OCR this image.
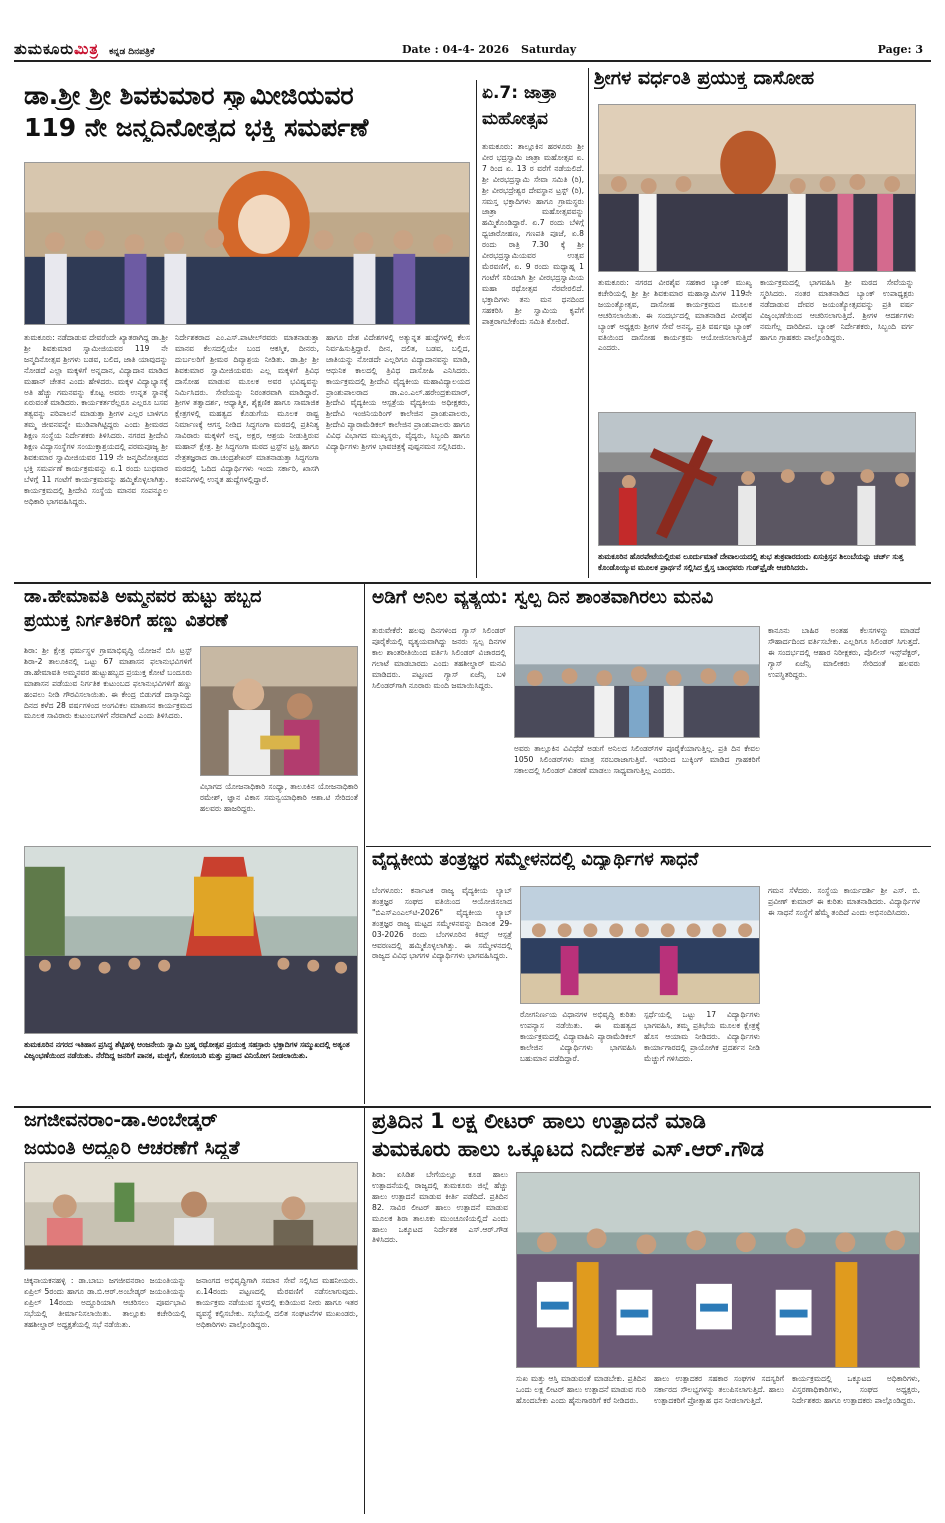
ತುಮಕೂರುಮಿತ್ರ ಕನ್ನಡ ದಿನಪತ್ರಿಕೆ	Date : 04-4- 2026 Saturday	Page: 3
ಡಾ.ಶ್ರೀ ಶ್ರೀ ಶಿವಕುಮಾರ ಸ್ವಾಮೀಜಿಯವರ
119 ನೇ ಜನ್ಮದಿನೋತ್ಸದ ಭಕ್ತಿ ಸಮರ್ಪಣೆ
ತುಮಕೂರು: ನಡೆದಾಡುವ ದೇವರೆಂದೇ ಖ್ಯಾತರಾಗಿದ್ದ ಡಾ.ಶ್ರೀ ಶ್ರೀ ಶಿವಕುಮಾರ ಸ್ವಾಮೀಜಿಯವರ 119 ನೇ ಜನ್ಮದಿನೋತ್ಸವ ಶ್ರೀಗಳು ಬಡವ, ಬಲಿದ, ಜಾತಿ ಯಾವುದನ್ನು ನೋಡದೆ ಎಲ್ಲಾ ಮಕ್ಕಳಿಗೆ ಅನ್ನದಾನ, ವಿದ್ಯಾದಾನ ಮಾಡಿದ ಮಹಾನ್ ಚೇತನ ಎಂದು ಹೇಳಿದರು. ಮಕ್ಕಳ ವಿದ್ಯಾಭ್ಯಾಸಕ್ಕೆ ಅತಿ ಹೆಚ್ಚು ಗಮನವನ್ನು ಕೊಟ್ಟ ಅವರು ಉನ್ನತ ಸ್ಥಾನಕ್ಕೆ ಏರುವಂತೆ ಮಾಡಿದರು. ಕಾರ್ಯಕರ್ತರೆಲ್ಲರೂ ಎಲ್ಲರೂ ಬಸವ ತತ್ವವನ್ನು ಪರಿಪಾಲನೆ ಮಾಡುತ್ತಾ ಶ್ರೀಗಳ ಎಲ್ಲರ ಬಾಳಿಗೂ ತಮ್ಮ ಜೀವನವನ್ನೇ ಮುಡಿಪಾಗಿಟ್ಟಿದ್ದರು ಎಂದು ಶ್ರೀಮಠದ ಶಿಕ್ಷಣ ಸಂಸ್ಥೆಯ ನಿರ್ದೇಶಕರು ತಿಳಿಸಿದರು. ನಗರದ ಶ್ರೀದೇವಿ ಶಿಕ್ಷಣ ವಿದ್ಯಾಸಂಸ್ಥೆಗಳ ಸಂಯುಕ್ತಾಶ್ರಯದಲ್ಲಿ ಪರಮಪೂಜ್ಯ ಶ್ರೀ ಶಿವಕುಮಾರ ಸ್ವಾಮೀಜಿಯವರ 119 ನೇ ಜನ್ಮದಿನೋತ್ಸವದ ಭಕ್ತಿ ಸಮರ್ಪಣೆ ಕಾರ್ಯಕ್ರಮವನ್ನು ಏ.1 ರಂದು ಬುಧವಾರ ಬೆಳಗ್ಗೆ 11 ಗಂಟೆಗೆ ಕಾರ್ಯಕ್ರಮವನ್ನು ಹಮ್ಮಿಕೊಳ್ಳಲಾಗಿತ್ತು. ಕಾರ್ಯಕ್ರಮದಲ್ಲಿ ಶ್ರೀದೇವಿ ಸಂಸ್ಥೆಯ ಮಾನವ ಸಂಪನ್ಮೂಲ ಅಧಿಕಾರಿ ಭಾಗವಹಿಸಿದ್ದರು.
ನಿರ್ದೇಶಕರಾದ ಎಂ.ಎಸ್.ಪಾಟೀಲ್‌ರವರು ಮಾತನಾಡುತ್ತಾ ಮಾನವ ಕೆಲಸದಲ್ಲಿಯೇ ಬಂದ ಆಕಸ್ಮಿಕ, ದೀನರು, ದುರ್ಬಲರಿಗೆ ಶ್ರೀಮಠ ದಿವ್ಯಾಶ್ರಯ ನೀಡಿತು. ಡಾ.ಶ್ರೀ ಶ್ರೀ ಶಿವಕುಮಾರ ಸ್ವಾಮೀಜಿಯವರು ಎಲ್ಲ ಮಕ್ಕಳಿಗೆ ತ್ರಿವಿಧ ದಾಸೋಹ ಮಾಡುವ ಮೂಲಕ ಅವರ ಭವಿಷ್ಯವನ್ನು ನಿರ್ಮಿಸಿದರು. ಸೇವೆಯನ್ನು ನಿರಂತರವಾಗಿ ಮಾಡಿದ್ದಾರೆ. ಶ್ರೀಗಳ ತತ್ವಾದರ್ಶ, ಆಧ್ಯಾತ್ಮಿಕ, ಶೈಕ್ಷಣಿಕ ಹಾಗೂ ಸಾಮಾಜಿಕ ಕ್ಷೇತ್ರಗಳಲ್ಲಿ ಮಹತ್ವದ ಕೊಡುಗೆಯ ಮೂಲಕ ರಾಷ್ಟ್ರ ನಿರ್ಮಾಣಕ್ಕೆ ಆಗಸ್ತ ನೀಡಿದ ಸಿದ್ಧಗಂಗಾ ಮಠದಲ್ಲಿ ಪ್ರತಿನಿತ್ಯ ಸಾವಿರಾರು ಮಕ್ಕಳಿಗೆ ಅನ್ನ, ಅಕ್ಷರ, ಆಶ್ರಯ ನೀಡುತ್ತಿರುವ ಮಹಾನ್ ಕ್ಷೇತ್ರ. ಶ್ರೀ ಸಿದ್ಧಗಂಗಾ ಮಠದ ಟ್ರಸ್ಟ್‌ನ ಟ್ರಸ್ಟಿ ಹಾಗೂ ನೇತ್ರತಜ್ಞರಾದ ಡಾ.ಚಂದ್ರಶೇಖರ್ ಮಾತನಾಡುತ್ತಾ ಸಿದ್ಧಗಂಗಾ ಮಠದಲ್ಲಿ ಓದಿದ ವಿದ್ಯಾರ್ಥಿಗಳು ಇಂದು ಸರ್ಕಾರಿ, ಖಾಸಗಿ ಕಂಪನಿಗಳಲ್ಲಿ ಉನ್ನತ ಹುದ್ದೆಗಳಲ್ಲಿದ್ದಾರೆ.
ಹಾಗೂ ದೇಶ ವಿದೇಶಗಳಲ್ಲಿ ಅತ್ಯುನ್ನತ ಹುದ್ದೆಗಳಲ್ಲಿ ಕೆಲಸ ನಿರ್ವಹಿಸುತ್ತಿದ್ದಾರೆ. ದೀನ, ದಲಿತ, ಬಡವ, ಬಲ್ಲಿದ, ಜಾತಿಯನ್ನು ನೋಡದೇ ಎಲ್ಲರಿಗೂ ವಿದ್ಯಾದಾನವನ್ನು ಮಾಡಿ, ಆಧುನಿಕ ಕಾಲದಲ್ಲಿ ತ್ರಿವಿಧ ದಾಸೋಹಿ ಎನಿಸಿದರು. ಕಾರ್ಯಕ್ರಮದಲ್ಲಿ ಶ್ರೀದೇವಿ ವೈದ್ಯಕೀಯ ಮಹಾವಿದ್ಯಾಲಯದ ಪ್ರಾಂಶುಪಾಲರಾದ ಡಾ.ಎಂ.ಎಲ್.ಹರೇಂದ್ರಕುಮಾರ್, ಶ್ರೀದೇವಿ ವೈದ್ಯಕೀಯ ಆಸ್ಪತ್ರೆಯ ವೈದ್ಯಕೀಯ ಅಧೀಕ್ಷಕರು, ಶ್ರೀದೇವಿ ಇಂಜಿನಿಯರಿಂಗ್ ಕಾಲೇಜಿನ ಪ್ರಾಂಶುಪಾಲರು, ಶ್ರೀದೇವಿ ಪ್ಯಾರಾಮೆಡಿಕಲ್ ಕಾಲೇಜಿನ ಪ್ರಾಂಶುಪಾಲರು ಹಾಗೂ ವಿವಿಧ ವಿಭಾಗದ ಮುಖ್ಯಸ್ಥರು, ವೈದ್ಯರು, ಸಿಬ್ಬಂದಿ ಹಾಗೂ ವಿದ್ಯಾರ್ಥಿಗಳು ಶ್ರೀಗಳ ಭಾವಚಿತ್ರಕ್ಕೆ ಪುಷ್ಪನಮನ ಸಲ್ಲಿಸಿದರು.
ಏ.7: ಜಾತ್ರಾ
ಮಹೋತ್ಸವ
ತುಮಕೂರು: ತಾಲ್ಲೂಕಿನ ಹರಳೂರು ಶ್ರೀ ವೀರ ಭದ್ರಸ್ವಾಮಿ ಜಾತ್ರಾ ಮಹೋತ್ಸವ ಏ. 7 ರಿಂದ ಏ. 13 ರ ವರೆಗೆ ನಡೆಯಲಿದೆ. ಶ್ರೀ ವೀರಭದ್ರಸ್ವಾಮಿ ಸೇವಾ ಸಮಿತಿ (ರಿ), ಶ್ರೀ ವೀರಭದ್ರೇಶ್ವರ ದೇವಸ್ಥಾನ ಟ್ರಸ್ಟ್ (ರಿ), ಸಮಸ್ತ ಭಕ್ತಾದಿಗಳು ಹಾಗೂ ಗ್ರಾಮಸ್ಥರು ಜಾತ್ರಾ ಮಹೋತ್ಸವವನ್ನು ಹಮ್ಮಿಕೊಂಡಿದ್ದಾರೆ. ಏ.7 ರಂದು ಬೆಳಿಗ್ಗೆ ಧ್ವಜಾರೋಹಣ, ಗಣಪತಿ ಪೂಜೆ, ಏ.8 ರಂದು ರಾತ್ರಿ 7.30 ಕ್ಕೆ ಶ್ರೀ ವೀರಭದ್ರಸ್ವಾಮಿಯವರ ಉತ್ಸವ ಮೆರವಣಿಗೆ, ಏ. 9 ರಂದು ಮಧ್ಯಾಹ್ನ 1 ಗಂಟೆಗೆ ಸರಿಯಾಗಿ ಶ್ರೀ ವೀರಭದ್ರಸ್ವಾಮಿಯ ಮಹಾ ರಥೋತ್ಸವ ನೆರವೇರಲಿದೆ. ಭಕ್ತಾದಿಗಳು ತನು ಮನ ಧನದಿಂದ ಸಹಕರಿಸಿ ಶ್ರೀ ಸ್ವಾಮಿಯ ಕೃಪೆಗೆ ಪಾತ್ರರಾಗಬೇಕೆಂದು ಸಮಿತಿ ಕೋರಿದೆ.
ಶ್ರೀಗಳ ವರ್ಧಂತಿ ಪ್ರಯುಕ್ತ ದಾಸೋಹ
ತುಮಕೂರು: ನಗರದ ವೀರಶೈವ ಸಹಕಾರ ಬ್ಯಾಂಕ್ ಮುಖ್ಯ ಕಚೇರಿಯಲ್ಲಿ ಶ್ರೀ ಶ್ರೀ ಶಿವಕುಮಾರ ಮಹಾಸ್ವಾಮಿಗಳ 119ನೇ ಜಯಂತ್ಯೋತ್ಸವ, ದಾಸೋಹ ಕಾರ್ಯಕ್ರಮದ ಮೂಲಕ ಆಚರಿಸಲಾಯಿತು. ಈ ಸಂದರ್ಭದಲ್ಲಿ ಮಾತನಾಡಿದ ವೀರಶೈವ ಬ್ಯಾಂಕ್ ಅಧ್ಯಕ್ಷರು ಶ್ರೀಗಳ ಸೇವೆ ಅನನ್ಯ, ಪ್ರತಿ ವರ್ಷವೂ ಬ್ಯಾಂಕ್ ವತಿಯಿಂದ ದಾಸೋಹ ಕಾರ್ಯಕ್ರಮ ಆಯೋಜಿಸಲಾಗುತ್ತಿದೆ ಎಂದರು.
ಕಾರ್ಯಕ್ರಮದಲ್ಲಿ ಭಾಗವಹಿಸಿ ಶ್ರೀ ಮಠದ ಸೇವೆಯನ್ನು ಸ್ಮರಿಸಿದರು. ನಂತರ ಮಾತನಾಡಿದ ಬ್ಯಾಂಕ್ ಉಪಾಧ್ಯಕ್ಷರು ನಡೆದಾಡುವ ದೇವರ ಜಯಂತ್ಯೋತ್ಸವವನ್ನು ಪ್ರತಿ ವರ್ಷ ವಿಜೃಂಭಣೆಯಿಂದ ಆಚರಿಸಲಾಗುತ್ತಿದೆ. ಶ್ರೀಗಳ ಆದರ್ಶಗಳು ನಮಗೆಲ್ಲ ದಾರಿದೀಪ. ಬ್ಯಾಂಕ್ ನಿರ್ದೇಶಕರು, ಸಿಬ್ಬಂದಿ ವರ್ಗ ಹಾಗೂ ಗ್ರಾಹಕರು ಪಾಲ್ಗೊಂಡಿದ್ದರು.
ತುಮಕೂರಿನ ಹೊರಪೇಟೆಯಲ್ಲಿರುವ ಲೂರ್ದುಮಾತೆ ದೇವಾಲಯದಲ್ಲಿ ಶುಭ ಶುಕ್ರವಾರದಂದು ಏಸುಕ್ರಿಸ್ತನ ಶಿಲುಬೆಯನ್ನು ಚರ್ಚ್ ಸುತ್ತ ಕೊಂಡೊಯ್ಯುವ ಮೂಲಕ ಪ್ರಾರ್ಥನೆ ಸಲ್ಲಿಸಿದ ಕ್ರೈಸ್ತ ಬಾಂಧವರು ಗುಡ್‌ಫ್ರೈಡೇ ಆಚರಿಸಿದರು.
ಡಾ.ಹೇಮಾವತಿ ಅಮ್ಮನವರ ಹುಟ್ಟು ಹಬ್ಬದ
ಪ್ರಯುಕ್ತ ನಿರ್ಗತಿಕರಿಗೆ ಹಣ್ಣು ವಿತರಣೆ
ಶಿರಾ: ಶ್ರೀ ಕ್ಷೇತ್ರ ಧರ್ಮಸ್ಥಳ ಗ್ರಾಮಾಭಿವೃದ್ಧಿ ಯೋಜನೆ ಬಿಸಿ ಟ್ರಸ್ಟ್ ಶಿರಾ-2 ತಾಲೂಕಿನಲ್ಲಿ ಒಟ್ಟು 67 ಮಾಶಾಸನ ಫಲಾನುಭವಿಗಳಿಗೆ ಡಾ.ಹೇಮಾವತಿ ಅಮ್ಮನವರ ಹುಟ್ಟುಹಬ್ಬದ ಪ್ರಯುಕ್ತ ಕೋಟೆ ಬಂದೂರು ಮಾಶಾಸನ ಪಡೆಯುವ ನಿರ್ಗತಿಕ ಕುಟುಂಬದ ಫಲಾನುಭವಿಗಳಿಗೆ ಹಣ್ಣು ಹಂಪಲು ನೀಡಿ ಗೌರವಿಸಲಾಯಿತು. ಈ ಕೇಂದ್ರ ಬಿಡುಗಡೆ ದಾಸ್ತಾನಿದ್ದು ದಿನದ ಕಳೆದ 28 ವರ್ಷಗಳಿಂದ ಅಂಗವಿಕಲ ಮಾಶಾಸನ ಕಾರ್ಯಕ್ರಮದ ಮೂಲಕ ಸಾವಿರಾರು ಕುಟುಂಬಗಳಿಗೆ ನೆರವಾಗಿದೆ ಎಂದು ತಿಳಿಸಿದರು.
ವಿಭಾಗದ ಯೋಜನಾಧಿಕಾರಿ ಸಂಧ್ಯಾ, ತಾಲೂಕಿನ ಯೋಜನಾಧಿಕಾರಿ ರಮೇಶ್, ಜ್ಞಾನ ವಿಕಾಸ ಸಮನ್ವಯಾಧಿಕಾರಿ ಆಶಾ.ಟಿ ಸೇರಿದಂತೆ ಹಲವರು ಹಾಜರಿದ್ದರು.
ಅಡಿಗೆ ಅನಿಲ ವ್ಯತ್ಯಯ: ಸ್ವಲ್ಪ ದಿನ ಶಾಂತವಾಗಿರಲು ಮನವಿ
ತುರುವೇಕೆರೆ: ಹಲವು ದಿನಗಳಿಂದ ಗ್ಯಾಸ್ ಸಿಲಿಂಡರ್ ಪೂರೈಕೆಯಲ್ಲಿ ವ್ಯತ್ಯಯವಾಗಿದ್ದು ಜನರು ಸ್ವಲ್ಪ ದಿನಗಳ ಕಾಲ ಶಾಂತರೀತಿಯಿಂದ ವರ್ತಿಸಿ ಸಿಲಿಂಡರ್ ವಿಚಾರದಲ್ಲಿ ಗಲಾಟೆ ಮಾಡಬಾರದು ಎಂದು ತಹಶೀಲ್ದಾರ್ ಮನವಿ ಮಾಡಿದರು. ಪಟ್ಟಣದ ಗ್ಯಾಸ್ ಏಜೆನ್ಸಿ ಬಳಿ ಸಿಲಿಂಡರ್‌ಗಾಗಿ ನೂರಾರು ಮಂದಿ ಜಮಾಯಿಸಿದ್ದರು.
ಅವರು ತಾಲ್ಲೂಕಿನ ವಿವಿಧೆಡೆ ಅಡುಗೆ ಅನಿಲದ ಸಿಲಿಂಡರ್‌ಗಳ ಪೂರೈಕೆಯಾಗುತ್ತಿಲ್ಲ. ಪ್ರತಿ ದಿನ ಕೇವಲ 1050 ಸಿಲಿಂಡರ್‌ಗಳು ಮಾತ್ರ ಸರಬರಾಜಾಗುತ್ತಿವೆ. ಇದರಿಂದ ಬುಕ್ಕಿಂಗ್ ಮಾಡಿದ ಗ್ರಾಹಕರಿಗೆ ಸಕಾಲದಲ್ಲಿ ಸಿಲಿಂಡರ್ ವಿತರಣೆ ಮಾಡಲು ಸಾಧ್ಯವಾಗುತ್ತಿಲ್ಲ ಎಂದರು.
ಕಾನೂನು ಬಾಹಿರ ಅಂತಹ ಕೆಲಸಗಳನ್ನು ಮಾಡದೆ ಸೌಹಾರ್ದದಿಂದ ವರ್ತಿಸಬೇಕು. ಎಲ್ಲರಿಗೂ ಸಿಲಿಂಡರ್ ಸಿಗುತ್ತದೆ. ಈ ಸಂದರ್ಭದಲ್ಲಿ ಆಹಾರ ನಿರೀಕ್ಷಕರು, ಪೊಲೀಸ್ ಇನ್ಸ್‌ಪೆಕ್ಟರ್, ಗ್ಯಾಸ್ ಏಜೆನ್ಸಿ ಮಾಲೀಕರು ಸೇರಿದಂತೆ ಹಲವರು ಉಪಸ್ಥಿತರಿದ್ದರು.
ತುಮಕೂರಿನ ನಗರದ ಇತಿಹಾಸ ಪ್ರಸಿದ್ಧ ಶೆಟ್ಟಿಹಳ್ಳಿ ಆಂಜನೇಯ ಸ್ವಾಮಿ ಬ್ರಹ್ಮ ರಥೋತ್ಸವ ಪ್ರಯುಕ್ತ ಸಹಸ್ರಾರು ಭಕ್ತಾದಿಗಳ ಸಮ್ಮುಖದಲ್ಲಿ ಅತ್ಯಂತ ವಿಜೃಂಭಣೆಯಿಂದ ನಡೆಯಿತು. ನೆರೆದಿದ್ದ ಜನರಿಗೆ ಪಾನಕ, ಮಜ್ಜಿಗೆ, ಕೋಸಂಬರಿ ಮತ್ತು ಪ್ರಸಾದ ವಿನಿಯೋಗ ನೀಡಲಾಯಿತು.
ವೈದ್ಯಕೀಯ ತಂತ್ರಜ್ಞರ ಸಮ್ಮೇಳನದಲ್ಲಿ ವಿದ್ಯಾರ್ಥಿಗಳ ಸಾಧನೆ
ಬೆಂಗಳೂರು: ಕರ್ನಾಟಕ ರಾಜ್ಯ ವೈದ್ಯಕೀಯ ಲ್ಯಾಬ್ ತಂತ್ರಜ್ಞರ ಸಂಘದ ವತಿಯಿಂದ ಆಯೋಜಿಸಲಾದ "ಬಿಎಸ್‌ಎಂಎಲ್‌ಟಿ-2026" ವೈದ್ಯಕೀಯ ಲ್ಯಾಬ್ ತಂತ್ರಜ್ಞರ ರಾಜ್ಯ ಮಟ್ಟದ ಸಮ್ಮೇಳನವನ್ನು ದಿನಾಂಕ 29-03-2026 ರಂದು ಬೆಂಗಳೂರಿನ ಕಿಮ್ಸ್ ಆಸ್ಪತ್ರೆ ಆವರಣದಲ್ಲಿ ಹಮ್ಮಿಕೊಳ್ಳಲಾಗಿತ್ತು. ಈ ಸಮ್ಮೇಳನದಲ್ಲಿ ರಾಜ್ಯದ ವಿವಿಧ ಭಾಗಗಳ ವಿದ್ಯಾರ್ಥಿಗಳು ಭಾಗವಹಿಸಿದ್ದರು.
ರೋಗನಿರ್ಣಯ ವಿಧಾನಗಳ ಅಭಿವೃದ್ಧಿ ಕುರಿತು ಉಪನ್ಯಾಸ ನಡೆಯಿತು. ಈ ಮಹತ್ವದ ಕಾರ್ಯಕ್ರಮದಲ್ಲಿ ವಿದ್ಯಾವಾಹಿನಿ ಪ್ಯಾರಾಮೆಡಿಕಲ್ ಕಾಲೇಜಿನ ವಿದ್ಯಾರ್ಥಿಗಳು ಭಾಗವಹಿಸಿ ಬಹುಮಾನ ಪಡೆದಿದ್ದಾರೆ.
ಸ್ಪರ್ಧೆಯಲ್ಲಿ ಒಟ್ಟು 17 ವಿದ್ಯಾರ್ಥಿಗಳು ಭಾಗವಹಿಸಿ, ತಮ್ಮ ಪ್ರತಿಭೆಯ ಮೂಲಕ ಕ್ಷೇತ್ರಕ್ಕೆ ಹೊಸ ಆಯಾಮ ನೀಡಿದರು. ವಿದ್ಯಾರ್ಥಿಗಳು ಕಾರ್ಯಾಗಾರದಲ್ಲಿ ಪ್ರಾಯೋಗಿಕ ಪ್ರದರ್ಶನ ನೀಡಿ ಮೆಚ್ಚುಗೆ ಗಳಿಸಿದರು.
ಗಮನ ಸೆಳೆದರು. ಸಂಸ್ಥೆಯ ಕಾರ್ಯದರ್ಶಿ ಶ್ರೀ ಎಸ್. ಬಿ. ಪ್ರವೀಣ್ ಕುಮಾರ್ ಈ ಕುರಿತು ಮಾತನಾಡಿದರು. ವಿದ್ಯಾರ್ಥಿಗಳ ಈ ಸಾಧನೆ ಸಂಸ್ಥೆಗೆ ಹೆಮ್ಮೆ ತಂದಿದೆ ಎಂದು ಅಭಿನಂದಿಸಿದರು.
ಜಗಜೀವನರಾಂ-ಡಾ.ಅಂಬೇಡ್ಕರ್
ಜಯಂತಿ ಅದ್ದೂರಿ ಆಚರಣೆಗೆ ಸಿದ್ದತೆ
ಚಿಕ್ಕನಾಯಕನಹಳ್ಳಿ : ಡಾ.ಬಾಬು ಜಗಜೀವನರಾಂ ಜಯಂತಿಯನ್ನು ಏಪ್ರಿಲ್ 5ರಂದು ಹಾಗೂ ಡಾ.ಬಿ.ಆರ್.ಅಂಬೇಡ್ಕರ್ ಜಯಂತಿಯನ್ನು ಏಪ್ರಿಲ್ 14ರಂದು ಅದ್ದೂರಿಯಾಗಿ ಆಚರಿಸಲು ಪೂರ್ವಭಾವಿ ಸಭೆಯಲ್ಲಿ ತೀರ್ಮಾನಿಸಲಾಯಿತು. ತಾಲ್ಲೂಕು ಕಚೇರಿಯಲ್ಲಿ ತಹಶೀಲ್ದಾರ್ ಅಧ್ಯಕ್ಷತೆಯಲ್ಲಿ ಸಭೆ ನಡೆಯಿತು.
ಜನಾಂಗದ ಅಭಿವೃದ್ಧಿಗಾಗಿ ಸಮಾನ ಸೇವೆ ಸಲ್ಲಿಸಿದ ಮಹನೀಯರು. ಏ.14ರಂದು ಪಟ್ಟಣದಲ್ಲಿ ಮೆರವಣಿಗೆ ನಡೆಸಲಾಗುವುದು. ಕಾರ್ಯಕ್ರಮ ನಡೆಯುವ ಸ್ಥಳದಲ್ಲಿ ಕುಡಿಯುವ ನೀರು ಹಾಗೂ ಇತರ ವ್ಯವಸ್ಥೆ ಕಲ್ಪಿಸಬೇಕು. ಸಭೆಯಲ್ಲಿ ದಲಿತ ಸಂಘಟನೆಗಳ ಮುಖಂಡರು, ಅಧಿಕಾರಿಗಳು ಪಾಲ್ಗೊಂಡಿದ್ದರು.
ಪ್ರತಿದಿನ 1 ಲಕ್ಷ ಲೀಟರ್ ಹಾಲು ಉತ್ಪಾದನೆ ಮಾಡಿ
ತುಮಕೂರು ಹಾಲು ಒಕ್ಕೂಟದ ನಿರ್ದೇಶಕ ಎಸ್.ಆರ್.ಗೌಡ
ಶಿರಾ: ಏಸಿಡಿಶ ಬೇಗೆಯಲ್ಲೂ ಕೂಡ ಹಾಲು ಉತ್ಪಾದನೆಯಲ್ಲಿ ರಾಜ್ಯದಲ್ಲಿ ತುಮಕೂರು ಜಿಲ್ಲೆ ಹೆಚ್ಚು ಹಾಲು ಉತ್ಪಾದನೆ ಮಾಡುವ ಕೀರ್ತಿ ಪಡೆದಿದೆ. ಪ್ರತಿದಿನ 82. ಸಾವಿರ ಲೀಟರ್ ಹಾಲು ಉತ್ಪಾದನೆ ಮಾಡುವ ಮೂಲಕ ಶಿರಾ ತಾಲೂಕು ಮುಂಚೂಣಿಯಲ್ಲಿದೆ ಎಂದು ಹಾಲು ಒಕ್ಕೂಟದ ನಿರ್ದೇಶಕ ಎಸ್.ಆರ್.ಗೌಡ ತಿಳಿಸಿದರು.
ಸುಖ ಮತ್ತು ಆಸ್ತಿ ಮಾಡುವಂತೆ ಮಾಡಬೇಕು. ಪ್ರತಿದಿನ ಒಂದು ಲಕ್ಷ ಲೀಟರ್ ಹಾಲು ಉತ್ಪಾದನೆ ಮಾಡುವ ಗುರಿ ಹೊಂದಬೇಕು ಎಂದು ಹೈನುಗಾರರಿಗೆ ಕರೆ ನೀಡಿದರು.
ಹಾಲು ಉತ್ಪಾದಕರ ಸಹಕಾರ ಸಂಘಗಳ ಸದಸ್ಯರಿಗೆ ಸರ್ಕಾರದ ಸೌಲಭ್ಯಗಳನ್ನು ತಲುಪಿಸಲಾಗುತ್ತಿದೆ. ಹಾಲು ಉತ್ಪಾದಕರಿಗೆ ಪ್ರೋತ್ಸಾಹ ಧನ ನೀಡಲಾಗುತ್ತಿದೆ.
ಕಾರ್ಯಕ್ರಮದಲ್ಲಿ ಒಕ್ಕೂಟದ ಅಧಿಕಾರಿಗಳು, ವಿಸ್ತರಣಾಧಿಕಾರಿಗಳು, ಸಂಘದ ಅಧ್ಯಕ್ಷರು, ನಿರ್ದೇಶಕರು ಹಾಗೂ ಉತ್ಪಾದಕರು ಪಾಲ್ಗೊಂಡಿದ್ದರು.
